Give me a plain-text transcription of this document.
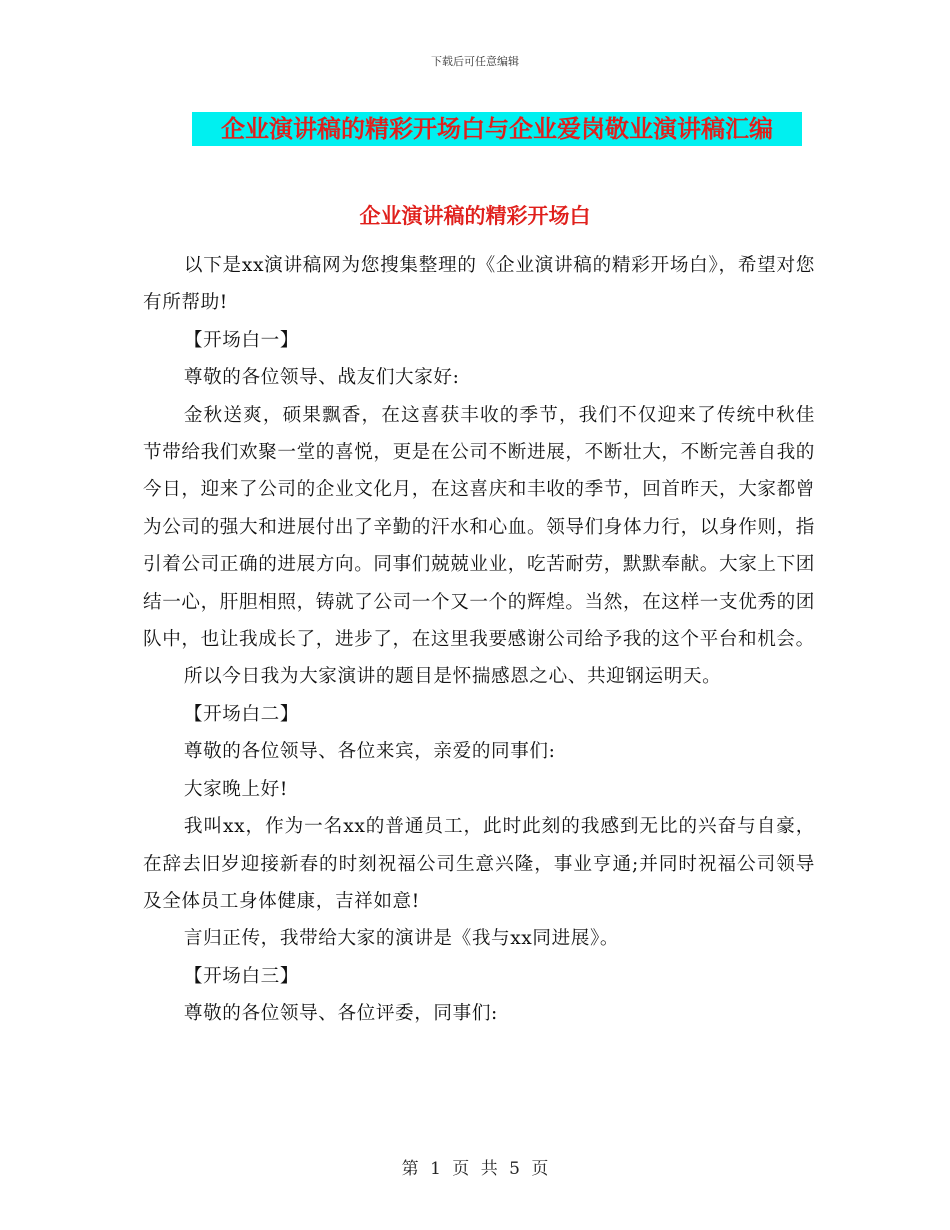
下载后可任意编辑
企业演讲稿的精彩开场白与企业爱岗敬业演讲稿汇编
企业演讲稿的精彩开场白

以下是xx演讲稿网为您搜集整理的《企业演讲稿的精彩开场白》，希望对您有所帮助!

【开场白一】

尊敬的各位领导、战友们大家好:

金秋送爽，硕果飘香，在这喜获丰收的季节，我们不仅迎来了传统中秋佳节带给我们欢聚一堂的喜悦，更是在公司不断进展，不断壮大，不断完善自我的今日，迎来了公司的企业文化月，在这喜庆和丰收的季节，回首昨天，大家都曾为公司的强大和进展付出了辛勤的汗水和心血。领导们身体力行，以身作则，指引着公司正确的进展方向。同事们兢兢业业，吃苦耐劳，默默奉献。大家上下团结一心，肝胆相照，铸就了公司一个又一个的辉煌。当然，在这样一支优秀的团队中，也让我成长了，进步了，在这里我要感谢公司给予我的这个平台和机会。

所以今日我为大家演讲的题目是怀揣感恩之心、共迎钢运明天。

【开场白二】

尊敬的各位领导、各位来宾，亲爱的同事们:

大家晚上好!

我叫xx，作为一名xx的普通员工，此时此刻的我感到无比的兴奋与自豪，在辞去旧岁迎接新春的时刻祝福公司生意兴隆，事业亨通;并同时祝福公司领导及全体员工身体健康，吉祥如意!

言归正传，我带给大家的演讲是《我与xx同进展》。

【开场白三】

尊敬的各位领导、各位评委，同事们:

第 1 页 共 5 页
